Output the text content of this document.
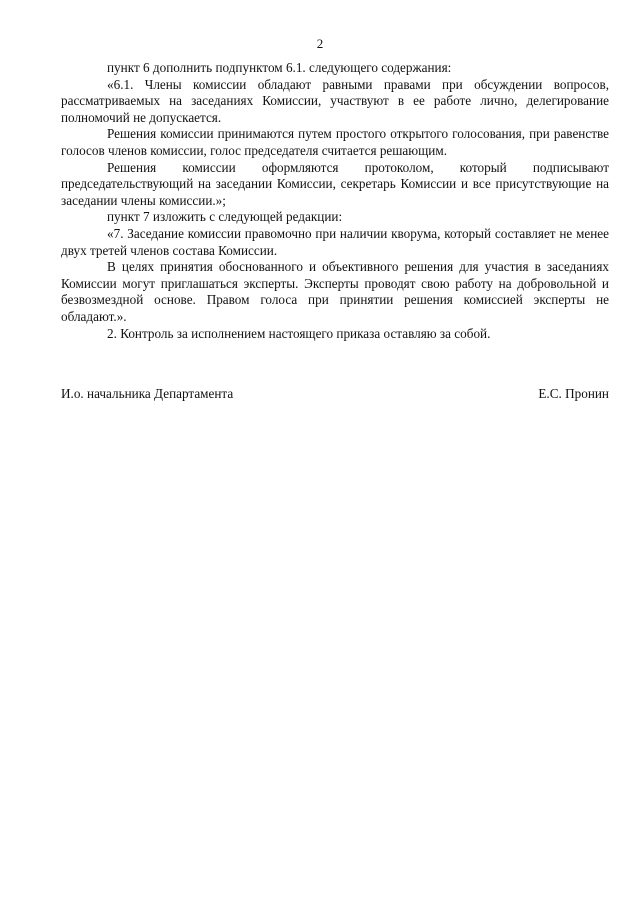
2

пункт 6 дополнить подпунктом 6.1. следующего содержания:

«6.1. Члены комиссии обладают равными правами при обсуждении вопросов, рассматриваемых на заседаниях Комиссии, участвуют в ее работе лично, делегирование полномочий не допускается.

Решения комиссии принимаются путем простого открытого голосования, при равенстве голосов членов комиссии, голос председателя считается решающим.

Решения комиссии оформляются протоколом, который подписывают председательствующий на заседании Комиссии, секретарь Комиссии и все присутствующие на заседании члены комиссии.»;

пункт 7 изложить с следующей редакции:

«7. Заседание комиссии правомочно при наличии кворума, который составляет не менее двух третей членов состава Комиссии.

В целях принятия обоснованного и объективного решения для участия в заседаниях Комиссии могут приглашаться эксперты. Эксперты проводят свою работу на добровольной и безвозмездной основе. Правом голоса при принятии решения комиссией эксперты не обладают.».

2. Контроль за исполнением настоящего приказа оставляю за собой.

И.о. начальника Департамента	Е.С. Пронин
